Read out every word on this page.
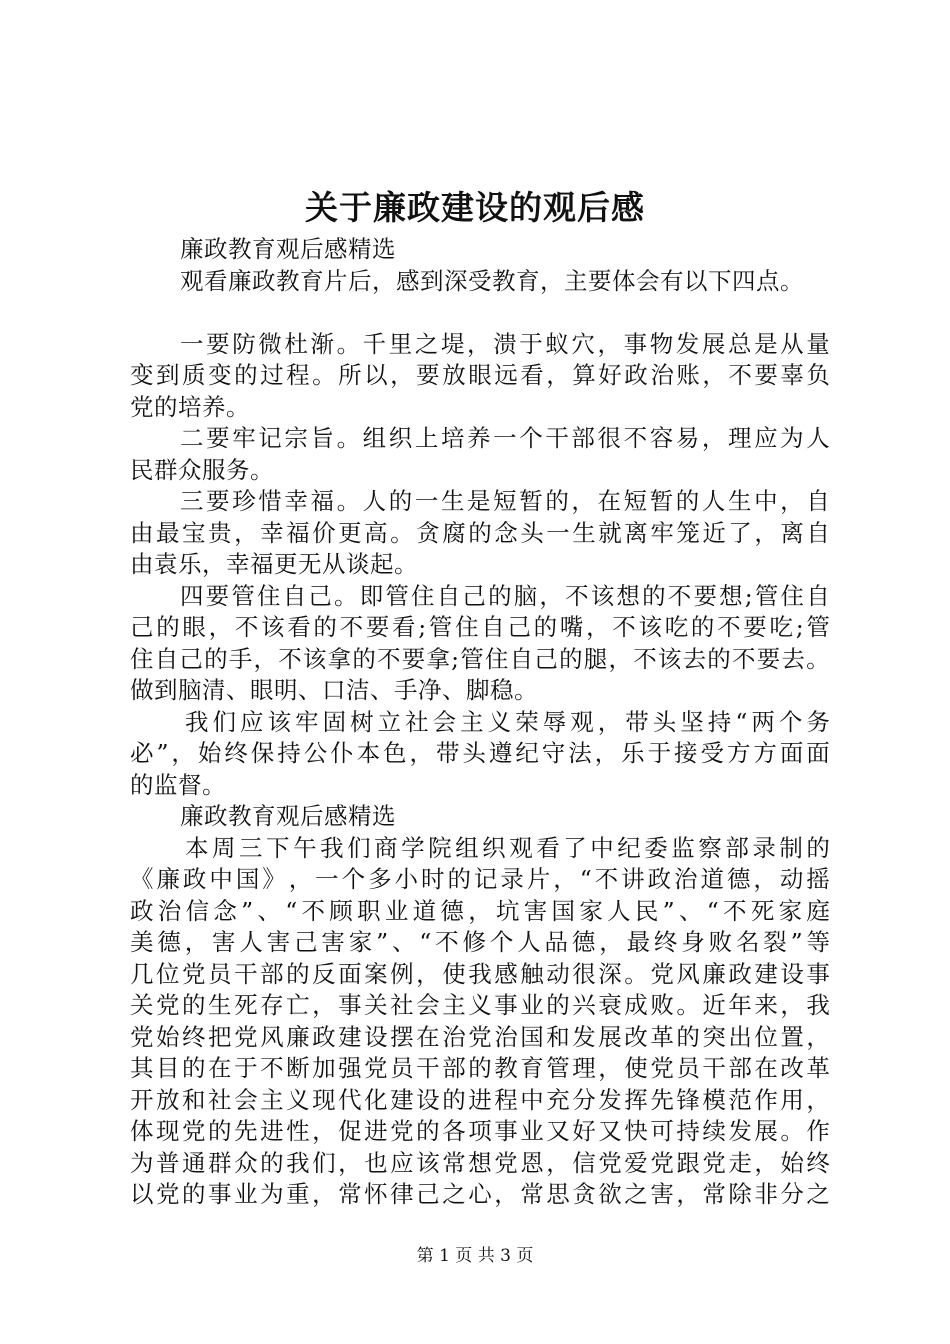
关于廉政建设的观后感
廉政教育观后感精选
观看廉政教育片后，感到深受教育，主要体会有以下四点。
一 要 防 微 杜 渐 。 千 里 之 堤 ， 溃 于 蚁 穴 ， 事 物 发 展 总 是 从 量
变 到 质 变 的 过 程 。 所 以 ， 要 放 眼 远 看 ， 算 好 政 治 账 ， 不 要 辜 负
党的培养。
二 要 牢 记 宗 旨 。 组 织 上 培 养 一 个 干 部 很 不 容 易 ， 理 应 为 人
民群众服务。
三 要 珍 惜 幸 福 。 人 的 一 生 是 短 暂 的 ， 在 短 暂 的 人 生 中 ， 自
由 最 宝 贵 ， 幸 福 价 更 高 。 贪 腐 的 念 头 一 生 就 离 牢 笼 近 了 ， 离 自
由袁乐，幸福更无从谈起。
四 要 管 住 自 己 。 即 管 住 自 己 的 脑 ， 不 该 想 的 不 要 想 ; 管 住 自
己 的 眼 ， 不 该 看 的 不 要 看 ; 管 住 自 己 的 嘴 ， 不 该 吃 的 不 要 吃 ; 管
住 自 己 的 手 ， 不 该 拿 的 不 要 拿 ; 管 住 自 己 的 腿 ， 不 该 去 的 不 要 去 。
做到脑清、眼明、口洁、手净、脚稳。
我 们 应 该 牢 固 树 立 社 会 主 义 荣 辱 观 ， 带 头 坚 持 “ 两 个 务
必 ” ， 始 终 保 持 公 仆 本 色 ， 带 头 遵 纪 守 法 ， 乐 于 接 受 方 方 面 面
的监督。
廉政教育观后感精选
本 周 三 下 午 我 们 商 学 院 组 织 观 看 了 中 纪 委 监 察 部 录 制 的
《 廉 政 中 国 》 ， 一 个 多 小 时 的 记 录 片 ， “ 不 讲 政 治 道 德 ， 动 摇
政 治 信 念 ” 、 “ 不 顾 职 业 道 德 ， 坑 害 国 家 人 民 ” 、 “ 不 死 家 庭
美 德 ， 害 人 害 己 害 家 ” 、 “ 不 修 个 人 品 德 ， 最 终 身 败 名 裂 ” 等
几 位 党 员 干 部 的 反 面 案 例 ， 使 我 感 触 动 很 深 。 党 风 廉 政 建 设 事
关 党 的 生 死 存 亡 ， 事 关 社 会 主 义 事 业 的 兴 衰 成 败 。 近 年 来 ， 我
党 始 终 把 党 风 廉 政 建 设 摆 在 治 党 治 国 和 发 展 改 革 的 突 出 位 置 ，
其 目 的 在 于 不 断 加 强 党 员 干 部 的 教 育 管 理 ， 使 党 员 干 部 在 改 革
开 放 和 社 会 主 义 现 代 化 建 设 的 进 程 中 充 分 发 挥 先 锋 模 范 作 用 ，
体 现 党 的 先 进 性 ， 促 进 党 的 各 项 事 业 又 好 又 快 可 持 续 发 展 。 作
为 普 通 群 众 的 我 们 ， 也 应 该 常 想 党 恩 ， 信 党 爱 党 跟 党 走 ， 始 终
以 党 的 事 业 为 重 ， 常 怀 律 己 之 心 ， 常 思 贪 欲 之 害 ， 常 除 非 分 之
第 1 页 共 3 页
